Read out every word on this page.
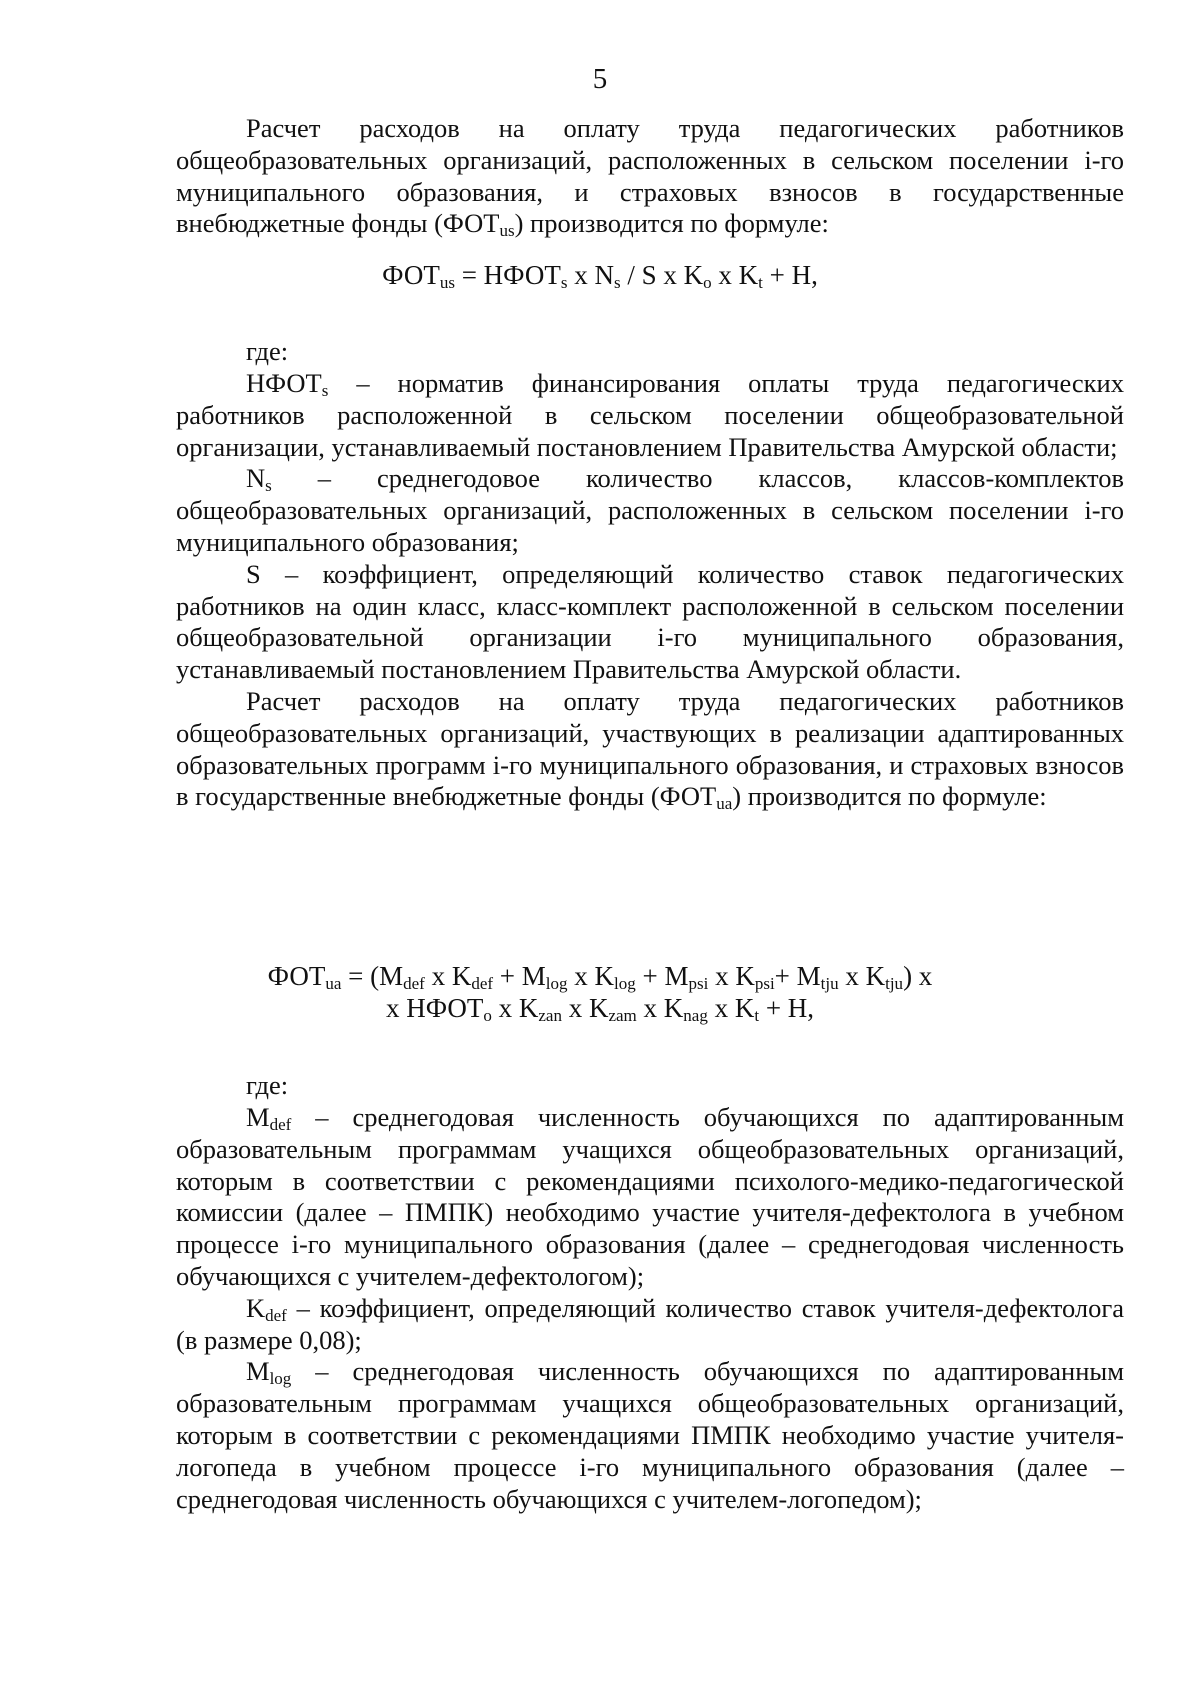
5

Расчет расходов на оплату труда педагогических работников общеобразовательных организаций, расположенных в сельском поселении i-го муниципального образования, и страховых взносов в государственные внебюджетные фонды $(ФОТ_{us})$ производится по формуле:

$ФОТ_{us}$ = $НФОТ_s$ x $N_s$ / S x $K_o$ x $K_t + H$,
где:

$НФОТ_s$ – норматив финансирования оплаты труда педагогических работников расположенной в сельском поселении общеобразовательной организации, устанавливаемый постановлением Правительства Амурской области;

$N_s$ – среднегодовое количество классов, классов-комплектов общеобразовательных организаций, расположенных в сельском поселении i-го муниципального образования;

S – коэффициент, определяющий количество ставок педагогических работников на один класс, класс-комплект расположенной в сельском поселении общеобразовательной организации i-го муниципального образования, устанавливаемый постановлением Правительства Амурской области.

Расчет расходов на оплату труда педагогических работников общеобразовательных организаций, участвующих в реализации адаптированных образовательных программ i-го муниципального образования, и страховых взносов в государственные внебюджетные фонды $(ФОТ_{ua})$ производится по формуле:

$ФОТ_{ua} = (M_{def}$ x $K_{def} + M_{log}$ x $K_{log} + M_{psi}$ x $K_{psi}+ M_{tju}$ x $K_{tju}$) x
x $НФОТ_o$ x $K_{zan}$ x $K_{zam}$ x $K_{nag}$ x $K_t + H$,
где:

$M_{def}$ – среднегодовая численность обучающихся по адаптированным образовательным программам учащихся общеобразовательных организаций, которым в соответствии с рекомендациями психолого-медико-педагогической комиссии (далее – ПМПК) необходимо участие учителя-дефектолога в учебном процессе i-го муниципального образования (далее – среднегодовая численность обучающихся с учителем-дефектологом);

$K_{def}$ – коэффициент, определяющий количество ставок учителя-дефектолога (в размере 0,08);

$M_{log}$ – среднегодовая численность обучающихся по адаптированным образовательным программам учащихся общеобразовательных организаций, которым в соответствии с рекомендациями ПМПК необходимо участие учителя-логопеда в учебном процессе i-го муниципального образования (далее – среднегодовая численность обучающихся с учителем-логопедом);
